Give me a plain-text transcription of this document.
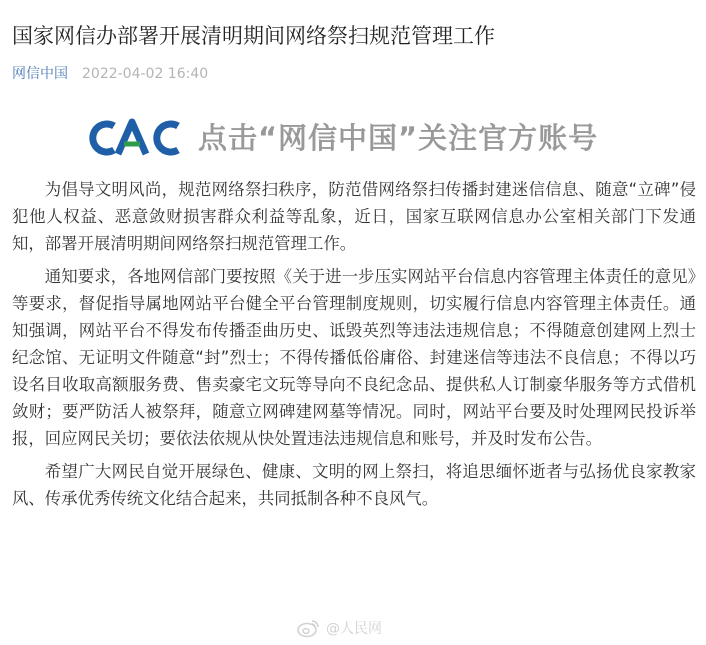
国家网信办部署开展清明期间网络祭扫规范管理工作
网信中国 2022-04-02 16:40
点击“网信中国”关注官方账号

为倡导文明风尚，规范网络祭扫秩序，防范借网络祭扫传播封建迷信信息、随意“立碑”侵犯他人权益、恶意敛财损害群众利益等乱象，近日，国家互联网信息办公室相关部门下发通知，部署开展清明期间网络祭扫规范管理工作。

通知要求，各地网信部门要按照《关于进一步压实网站平台信息内容管理主体责任的意见》等要求，督促指导属地网站平台健全平台管理制度规则，切实履行信息内容管理主体责任。通知强调，网站平台不得发布传播歪曲历史、诋毁英烈等违法违规信息；不得随意创建网上烈士纪念馆、无证明文件随意“封”烈士；不得传播低俗庸俗、封建迷信等违法不良信息；不得以巧设名目收取高额服务费、售卖豪宅文玩等导向不良纪念品、提供私人订制豪华服务等方式借机敛财；要严防活人被祭拜，随意立网碑建网墓等情况。同时，网站平台要及时处理网民投诉举报，回应网民关切；要依法依规从快处置违法违规信息和账号，并及时发布公告。

希望广大网民自觉开展绿色、健康、文明的网上祭扫，将追思缅怀逝者与弘扬优良家教家风、传承优秀传统文化结合起来，共同抵制各种不良风气。

@人民网
